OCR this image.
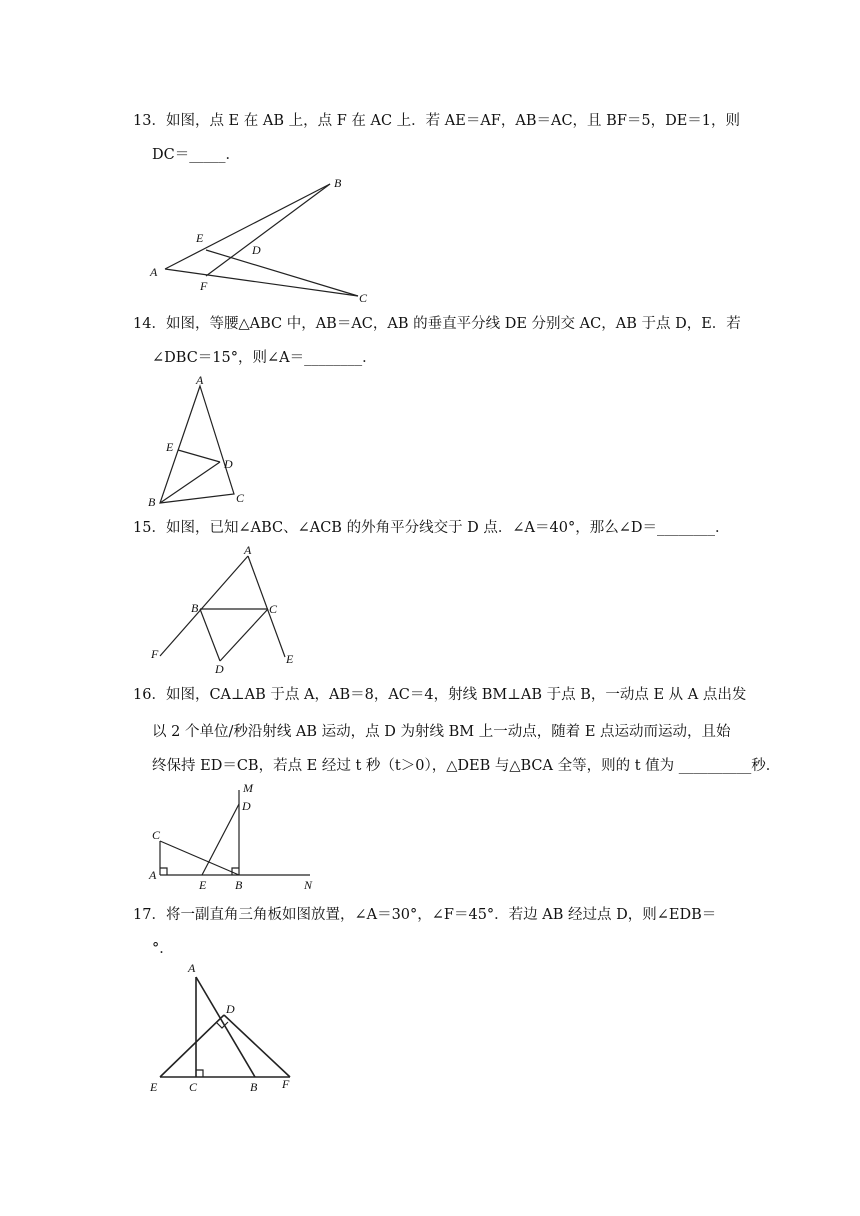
13．如图，点 E 在 AB 上，点 F 在 AC 上．若 AE＝AF，AB＝AC，且 BF＝5，DE＝1，则
DC＝_____．
B
E
D
A
F
C
14．如图，等腰△ABC 中，AB＝AC，AB 的垂直平分线 DE 分别交 AC，AB 于点 D，E．若
∠DBC＝15°，则∠A＝________．
A
E
D
B	C
15．如图，已知∠ABC、∠ACB 的外角平分线交于 D 点．∠A＝40°，那么∠D＝________．
A
B	C
F
D
E
16．如图，CA⊥AB 于点 A，AB＝8，AC＝4，射线 BM⊥AB 于点 B，一动点 E 从 A 点出发
以 2 个单位/秒沿射线 AB 运动，点 D 为射线 BM 上一动点，随着 E 点运动而运动，且始
终保持 ED＝CB，若点 E 经过 t 秒（t＞0），△DEB 与△BCA 全等，则的 t 值为 __________秒．
M
D
C
A
E B	N
17．将一副直角三角板如图放置，∠A＝30°，∠F＝45°．若边 AB 经过点 D，则∠EDB＝
°．
A
D
E	C	B F
